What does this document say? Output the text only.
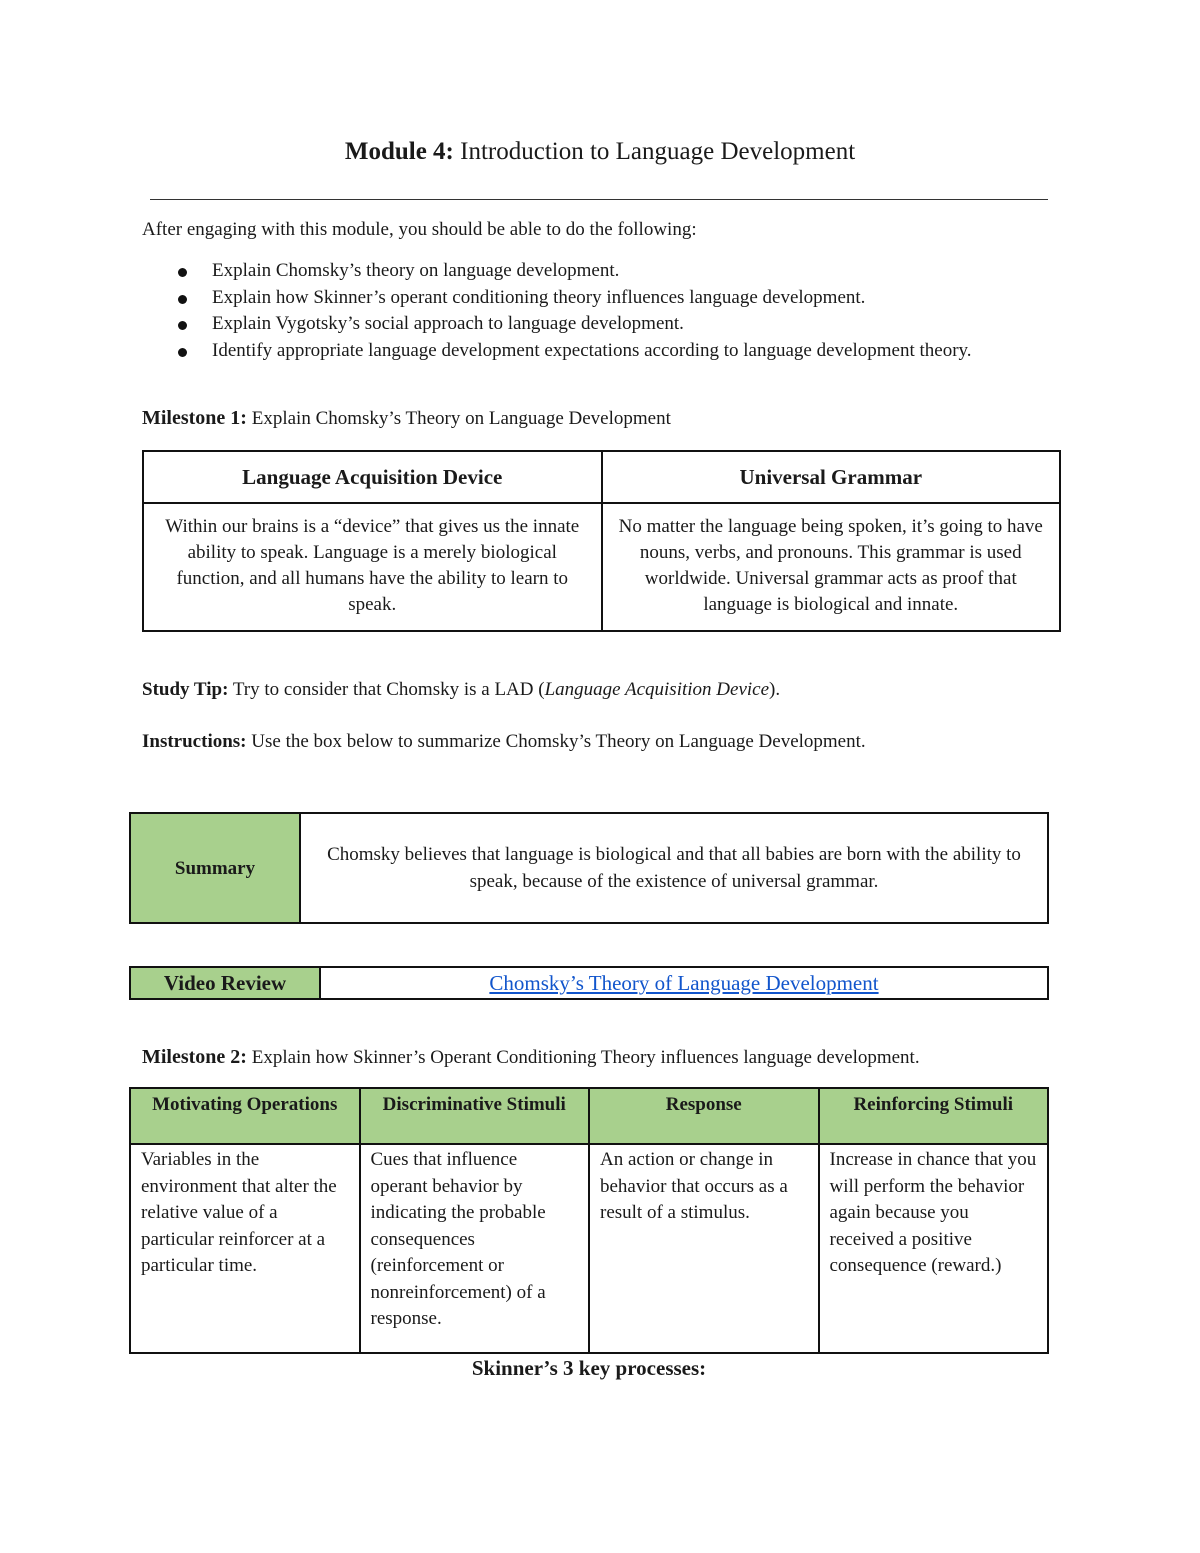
Module 4: Introduction to Language Development
After engaging with this module, you should be able to do the following:
Explain Chomsky’s theory on language development.
Explain how Skinner’s operant conditioning theory influences language development.
Explain Vygotsky’s social approach to language development.
Identify appropriate language development expectations according to language development theory.
Milestone 1: Explain Chomsky’s Theory on Language Development
Language Acquisition Device	Universal Grammar
Within our brains is a “device” that gives us the innate ability to speak. Language is a merely biological function, and all humans have the ability to learn to speak.	No matter the language being spoken, it’s going to have nouns, verbs, and pronouns. This grammar is used worldwide. Universal grammar acts as proof that language is biological and innate.
Study Tip: Try to consider that Chomsky is a LAD (Language Acquisition Device).
Instructions: Use the box below to summarize Chomsky’s Theory on Language Development.
Summary	Chomsky believes that language is biological and that all babies are born with the ability to speak, because of the existence of universal grammar.
Video Review	Chomsky’s Theory of Language Development
Milestone 2: Explain how Skinner’s Operant Conditioning Theory influences language development.
Motivating Operations	Discriminative Stimuli	Response	Reinforcing Stimuli
Variables in the environment that alter the relative value of a particular reinforcer at a particular time.	Cues that influence operant behavior by indicating the probable consequences (reinforcement or nonreinforcement) of a response.	An action or change in behavior that occurs as a result of a stimulus.	Increase in chance that you will perform the behavior again because you received a positive consequence (reward.)
Skinner’s 3 key processes:
